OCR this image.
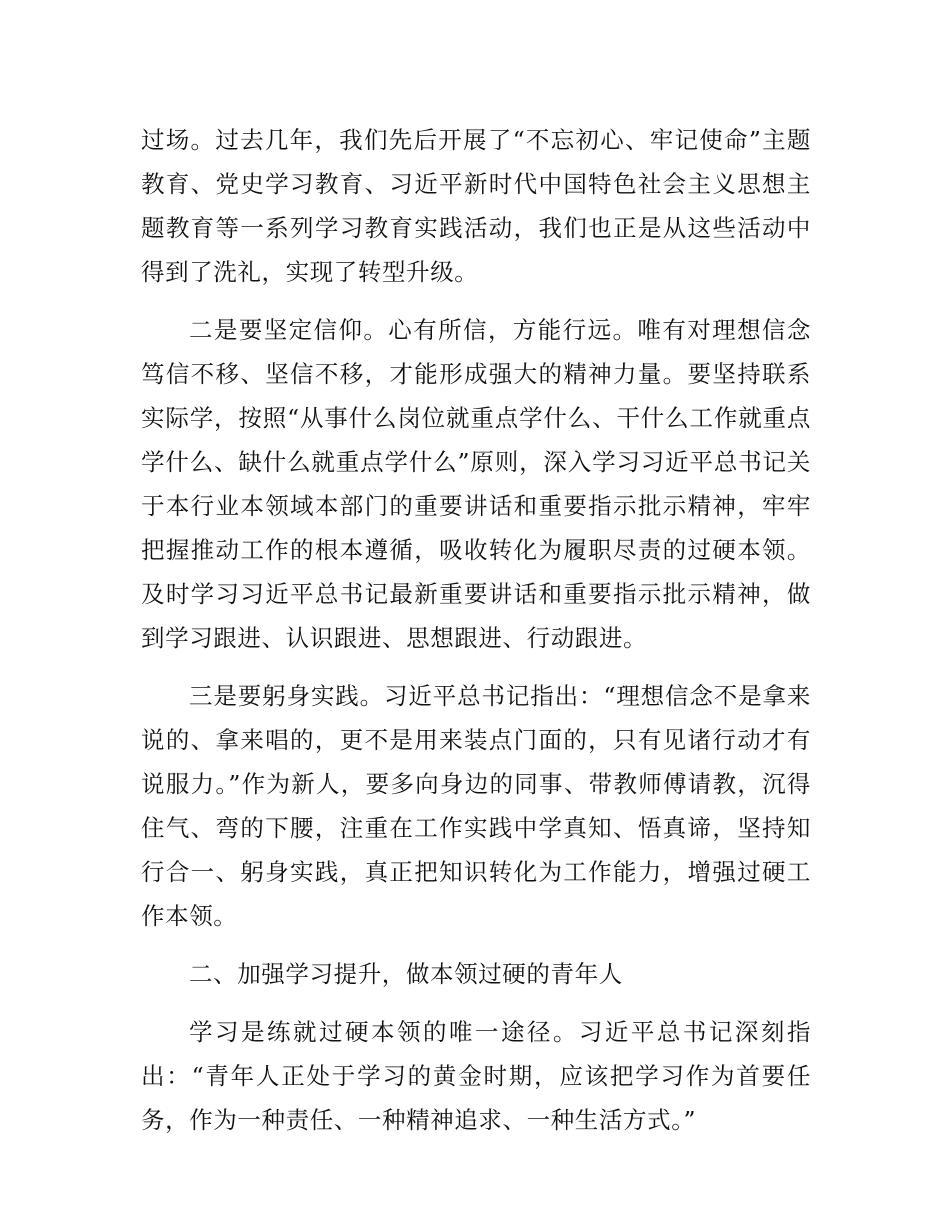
过场。过去几年，我们先后开展了“不忘初心、牢记使命”主题教育、党史学习教育、习近平新时代中国特色社会主义思想主题教育等一系列学习教育实践活动，我们也正是从这些活动中得到了洗礼，实现了转型升级。

二是要坚定信仰。心有所信，方能行远。唯有对理想信念笃信不移、坚信不移，才能形成强大的精神力量。要坚持联系实际学，按照“从事什么岗位就重点学什么、干什么工作就重点学什么、缺什么就重点学什么”原则，深入学习习近平总书记关于本行业本领域本部门的重要讲话和重要指示批示精神，牢牢把握推动工作的根本遵循，吸收转化为履职尽责的过硬本领。及时学习习近平总书记最新重要讲话和重要指示批示精神，做到学习跟进、认识跟进、思想跟进、行动跟进。

三是要躬身实践。习近平总书记指出：“理想信念不是拿来说的、拿来唱的，更不是用来装点门面的，只有见诸行动才有说服力。”作为新人，要多向身边的同事、带教师傅请教，沉得住气、弯的下腰，注重在工作实践中学真知、悟真谛，坚持知行合一、躬身实践，真正把知识转化为工作能力，增强过硬工作本领。

二、加强学习提升，做本领过硬的青年人

学习是练就过硬本领的唯一途径。习近平总书记深刻指出：“青年人正处于学习的黄金时期，应该把学习作为首要任务，作为一种责任、一种精神追求、一种生活方式。”
